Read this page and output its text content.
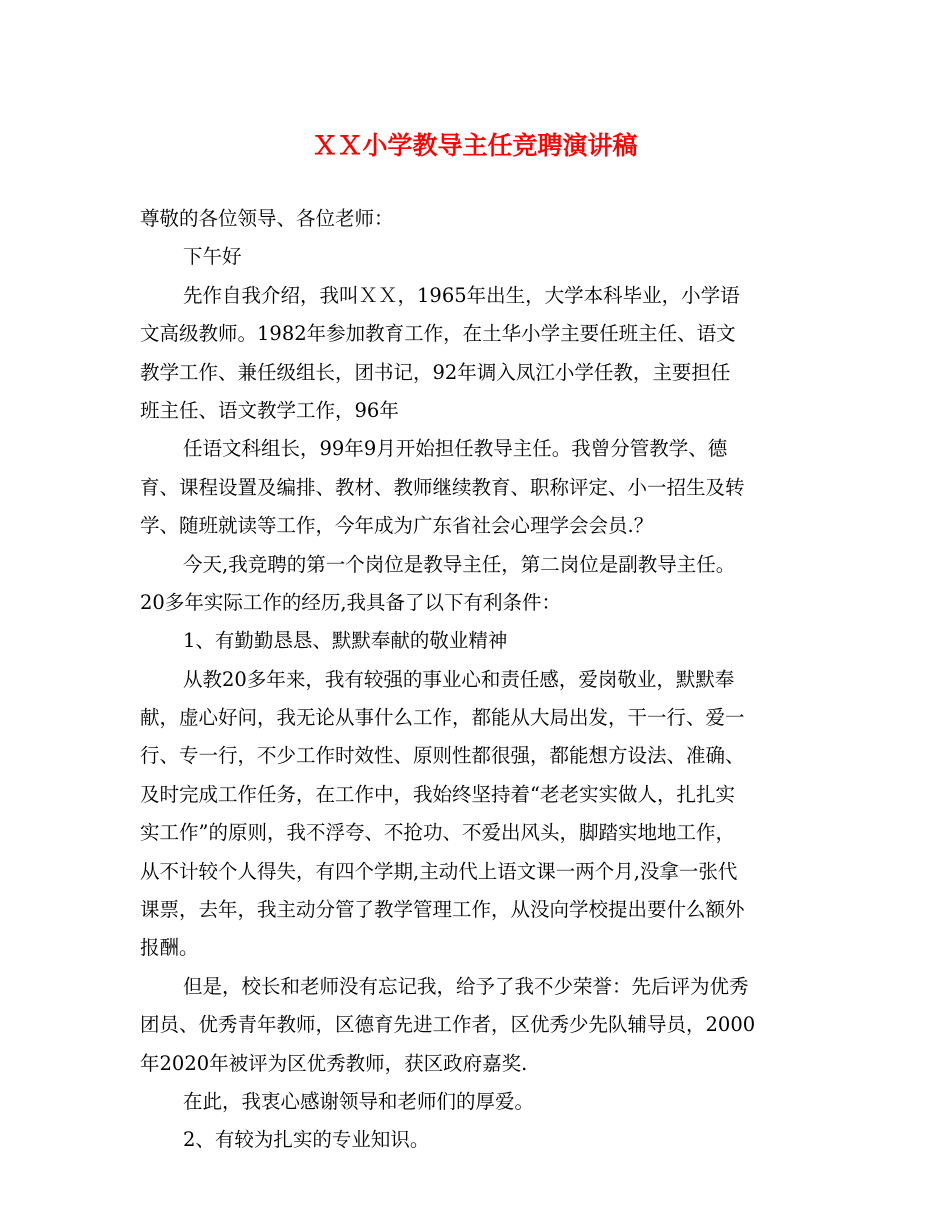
ＸＸ小学教导主任竞聘演讲稿
尊敬的各位领导、各位老师：
下午好
先作自我介绍，我叫ＸＸ，1965年出生，大学本科毕业，小学语
文高级教师。1982年参加教育工作，在土华小学主要任班主任、语文
教学工作、兼任级组长，团书记，92年调入凤江小学任教，主要担任
班主任、语文教学工作，96年
任语文科组长，99年9月开始担任教导主任。我曾分管教学、德
育、课程设置及编排、教材、教师继续教育、职称评定、小一招生及转
学、随班就读等工作，今年成为广东省社会心理学会会员.？
今天,我竞聘的第一个岗位是教导主任，第二岗位是副教导主任。
20多年实际工作的经历,我具备了以下有利条件：
1、有勤勤恳恳、默默奉献的敬业精神
从教20多年来，我有较强的事业心和责任感，爱岗敬业，默默奉
献，虚心好问，我无论从事什么工作，都能从大局出发，干一行、爱一
行、专一行，不少工作时效性、原则性都很强，都能想方设法、准确、
及时完成工作任务，在工作中，我始终坚持着“老老实实做人，扎扎实
实工作”的原则，我不浮夸、不抢功、不爱出风头，脚踏实地地工作，
从不计较个人得失，有四个学期,主动代上语文课一两个月,没拿一张代
课票，去年，我主动分管了教学管理工作，从没向学校提出要什么额外
报酬。
但是，校长和老师没有忘记我，给予了我不少荣誉：先后评为优秀
团员、优秀青年教师，区德育先进工作者，区优秀少先队辅导员，2000
年2020年被评为区优秀教师，获区政府嘉奖.
在此，我衷心感谢领导和老师们的厚爱。
2、有较为扎实的专业知识。
